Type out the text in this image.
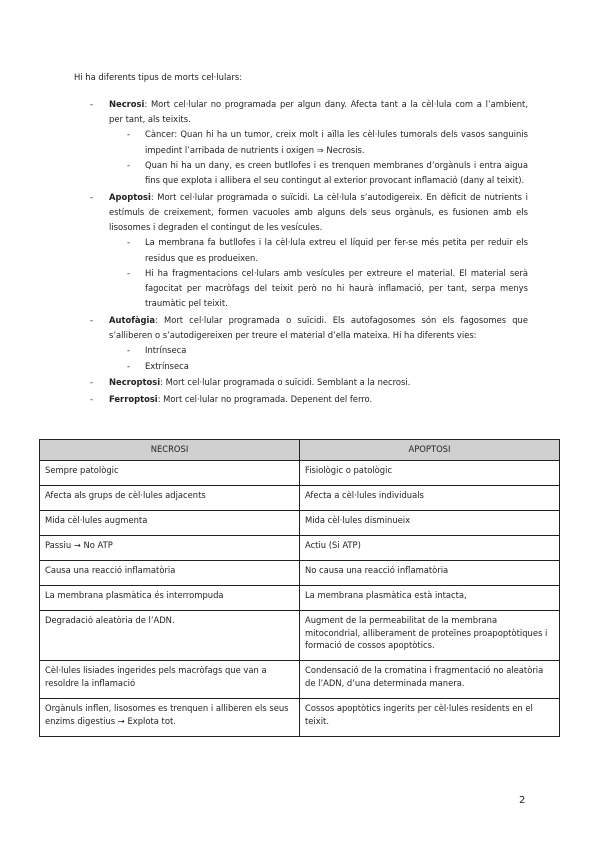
Hi ha diferents tipus de morts cel·lulars:
- Necrosi: Mort cel·lular no programada per algun dany. Afecta tant a la cèl·lula com a l’ambient, per tant, als teixits.
- Càncer: Quan hi ha un tumor, creix molt i aïlla les cèl·lules tumorals dels vasos sanguinis impedint l’arribada de nutrients i oxigen ⇒ Necrosis.
- Quan hi ha un dany, es creen butllofes i es trenquen membranes d’orgànuls i entra aigua fins que explota i allibera el seu contingut al exterior provocant inflamació (dany al teixit).
- Apoptosi: Mort cel·lular programada o suïcidi. La cèl·lula s’autodigereix. En dèficit de nutrients i estímuls de creixement, formen vacuoles amb alguns dels seus orgànuls, es fusionen amb els lisosomes i degraden el contingut de les vesícules.
- La membrana fa butllofes i la cèl·lula extreu el líquid per fer-se més petita per reduir els residus que es produeixen.
- Hi ha fragmentacions cel·lulars amb vesícules per extreure el material. El material serà fagocitat per macròfags del teixit però no hi haurà inflamació, per tant, serpa menys traumàtic pel teixit.
- Autofàgia: Mort cel·lular programada o suïcidi. Els autofagosomes són els fagosomes que s’alliberen o s’autodigereixen per treure el material d’ella mateixa. Hi ha diferents vies:
- Intrínseca
- Extrínseca
- Necroptosi: Mort cel·lular programada o suïcidi. Semblant a la necrosi.
- Ferroptosi: Mort cel·lular no programada. Depenent del ferro.
NECROSI	APOPTOSI
Sempre patològic	Fisiològic o patològic
Afecta als grups de cèl·lules adjacents	Afecta a cèl·lules individuals
Mida cèl·lules augmenta	Mida cèl·lules disminueix
Passiu → No ATP	Actiu (Si ATP)
Causa una reacció inflamatòria	No causa una reacció inflamatòria
La membrana plasmàtica és interrompuda	La membrana plasmàtica està intacta,
Degradació aleatòria de l’ADN.	Augment de la permeabilitat de la membrana mitocondrial, alliberament de proteïnes proapoptòtiques i formació de cossos apoptòtics.
Cèl·lules lisiades ingerides pels macròfags que van a resoldre la inflamació	Condensació de la cromatina i fragmentació no aleatòria de l’ADN, d’una determinada manera.
Orgànuls inflen, lisosomes es trenquen i alliberen els seus enzims digestius → Explota tot.	Cossos apoptòtics ingerits per cèl·lules residents en el teixit.
2
